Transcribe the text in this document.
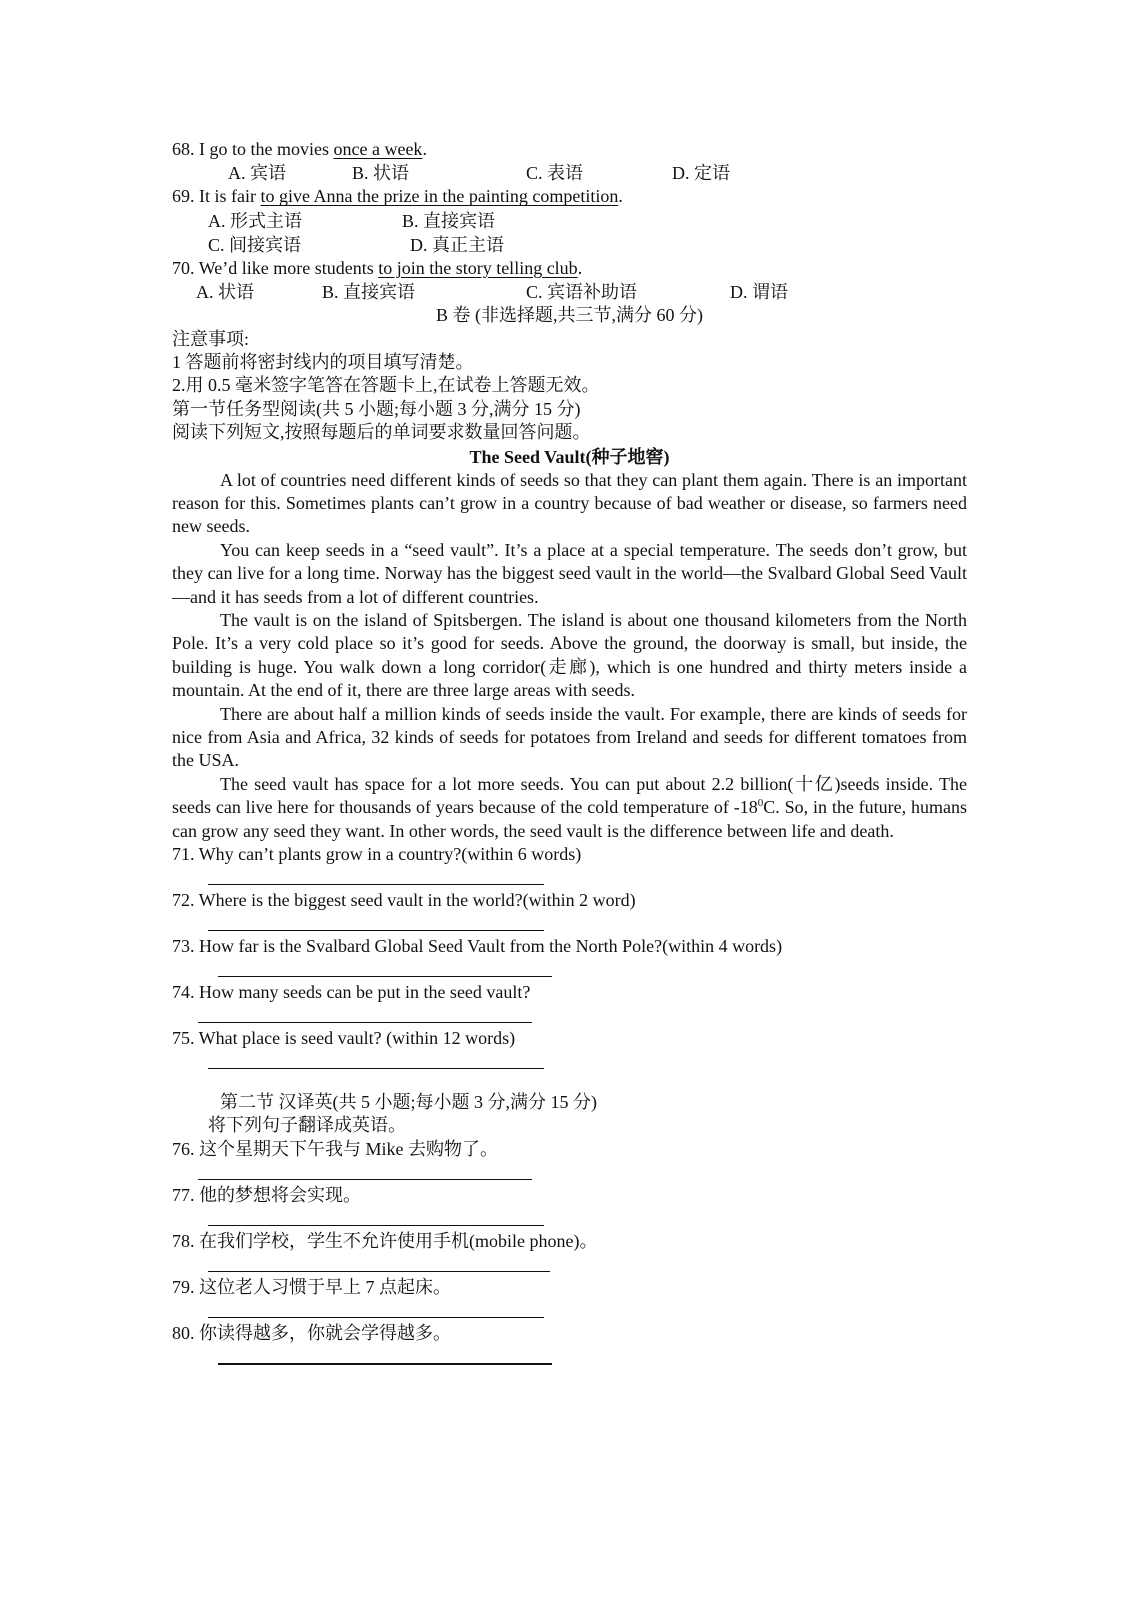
68. I go to the movies once a week.
A. 宾语	B. 状语	C. 表语	D. 定语
69. It is fair to give Anna the prize in the painting competition.
A. 形式主语	B. 直接宾语
C. 间接宾语	D. 真正主语
70. We’d like more students to join the story telling club.
A. 状语	B. 直接宾语	C. 宾语补助语	D. 谓语
B 卷 (非选择题,共三节,满分 60 分)
注意事项:
1 答题前将密封线内的项目填写清楚。
2.用 0.5 毫米签字笔答在答题卡上,在试卷上答题无效。
第一节任务型阅读(共 5 小题;每小题 3 分,满分 15 分)
阅读下列短文,按照每题后的单词要求数量回答问题。
The Seed Vault(种子地窖)

A lot of countries need different kinds of seeds so that they can plant them again. There is an important reason for this. Sometimes plants can’t grow in a country because of bad weather or disease, so farmers need new seeds.

You can keep seeds in a “seed vault”. It’s a place at a special temperature. The seeds don’t grow, but they can live for a long time. Norway has the biggest seed vault in the world—the Svalbard Global Seed Vault —and it has seeds from a lot of different countries.

The vault is on the island of Spitsbergen. The island is about one thousand kilometers from the North Pole. It’s a very cold place so it’s good for seeds. Above the ground, the doorway is small, but inside, the building is huge. You walk down a long corridor(走廊), which is one hundred and thirty meters inside a mountain. At the end of it, there are three large areas with seeds.

There are about half a million kinds of seeds inside the vault. For example, there are kinds of seeds for nice from Asia and Africa, 32 kinds of seeds for potatoes from Ireland and seeds for different tomatoes from the USA.

The seed vault has space for a lot more seeds. You can put about 2.2 billion(十亿)seeds inside. The seeds can live here for thousands of years because of the cold temperature of $-18^0C$. So, in the future, humans can grow any seed they want. In other words, the seed vault is the difference between life and death.

71. Why can’t plants grow in a country?(within 6 words)
72. Where is the biggest seed vault in the world?(within 2 word)
73. How far is the Svalbard Global Seed Vault from the North Pole?(within 4 words)
74. How many seeds can be put in the seed vault?
75. What place is seed vault? (within 12 words)
第二节 汉译英(共 5 小题;每小题 3 分,满分 15 分)
将下列句子翻译成英语。
76. 这个星期天下午我与 Mike 去购物了。
77. 他的梦想将会实现。
78. 在我们学校，学生不允许使用手机(mobile phone)。
79. 这位老人习惯于早上 7 点起床。
80. 你读得越多，你就会学得越多。
